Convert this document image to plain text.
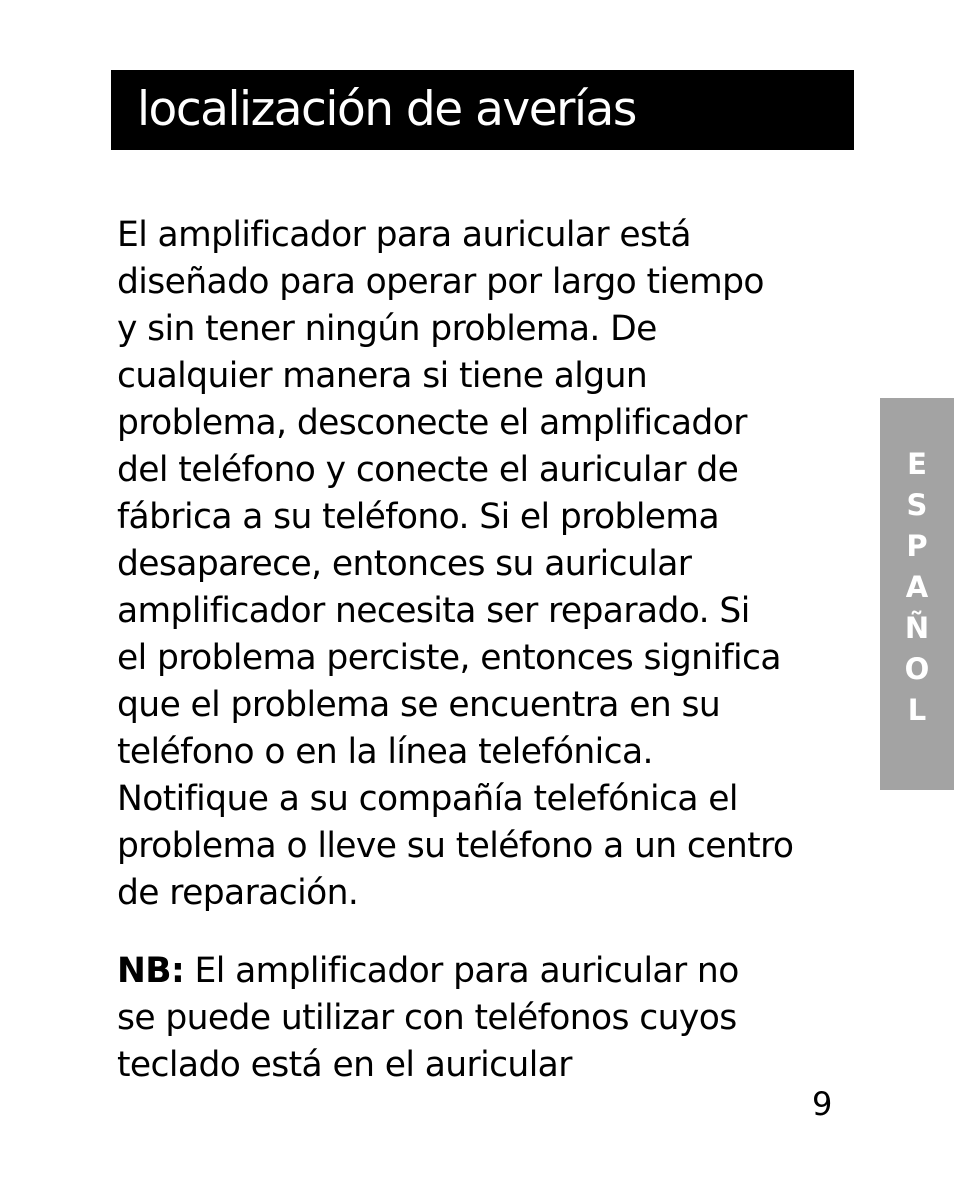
localización de averías
El amplificador para auricular está
diseñado para operar por largo tiempo
y sin tener ningún problema. De
cualquier manera si tiene algun
problema, desconecte el amplificador
del teléfono y conecte el auricular de
fábrica a su teléfono. Si el problema
desaparece, entonces su auricular
amplificador necesita ser reparado. Si
el problema perciste, entonces significa
que el problema se encuentra en su
teléfono o en la línea telefónica.
Notifique a su compañía telefónica el
problema o lleve su teléfono a un centro
de reparación.
NB: El amplificador para auricular no
se puede utilizar con teléfonos cuyos
teclado está en el auricular
ESPAÑOL
9
